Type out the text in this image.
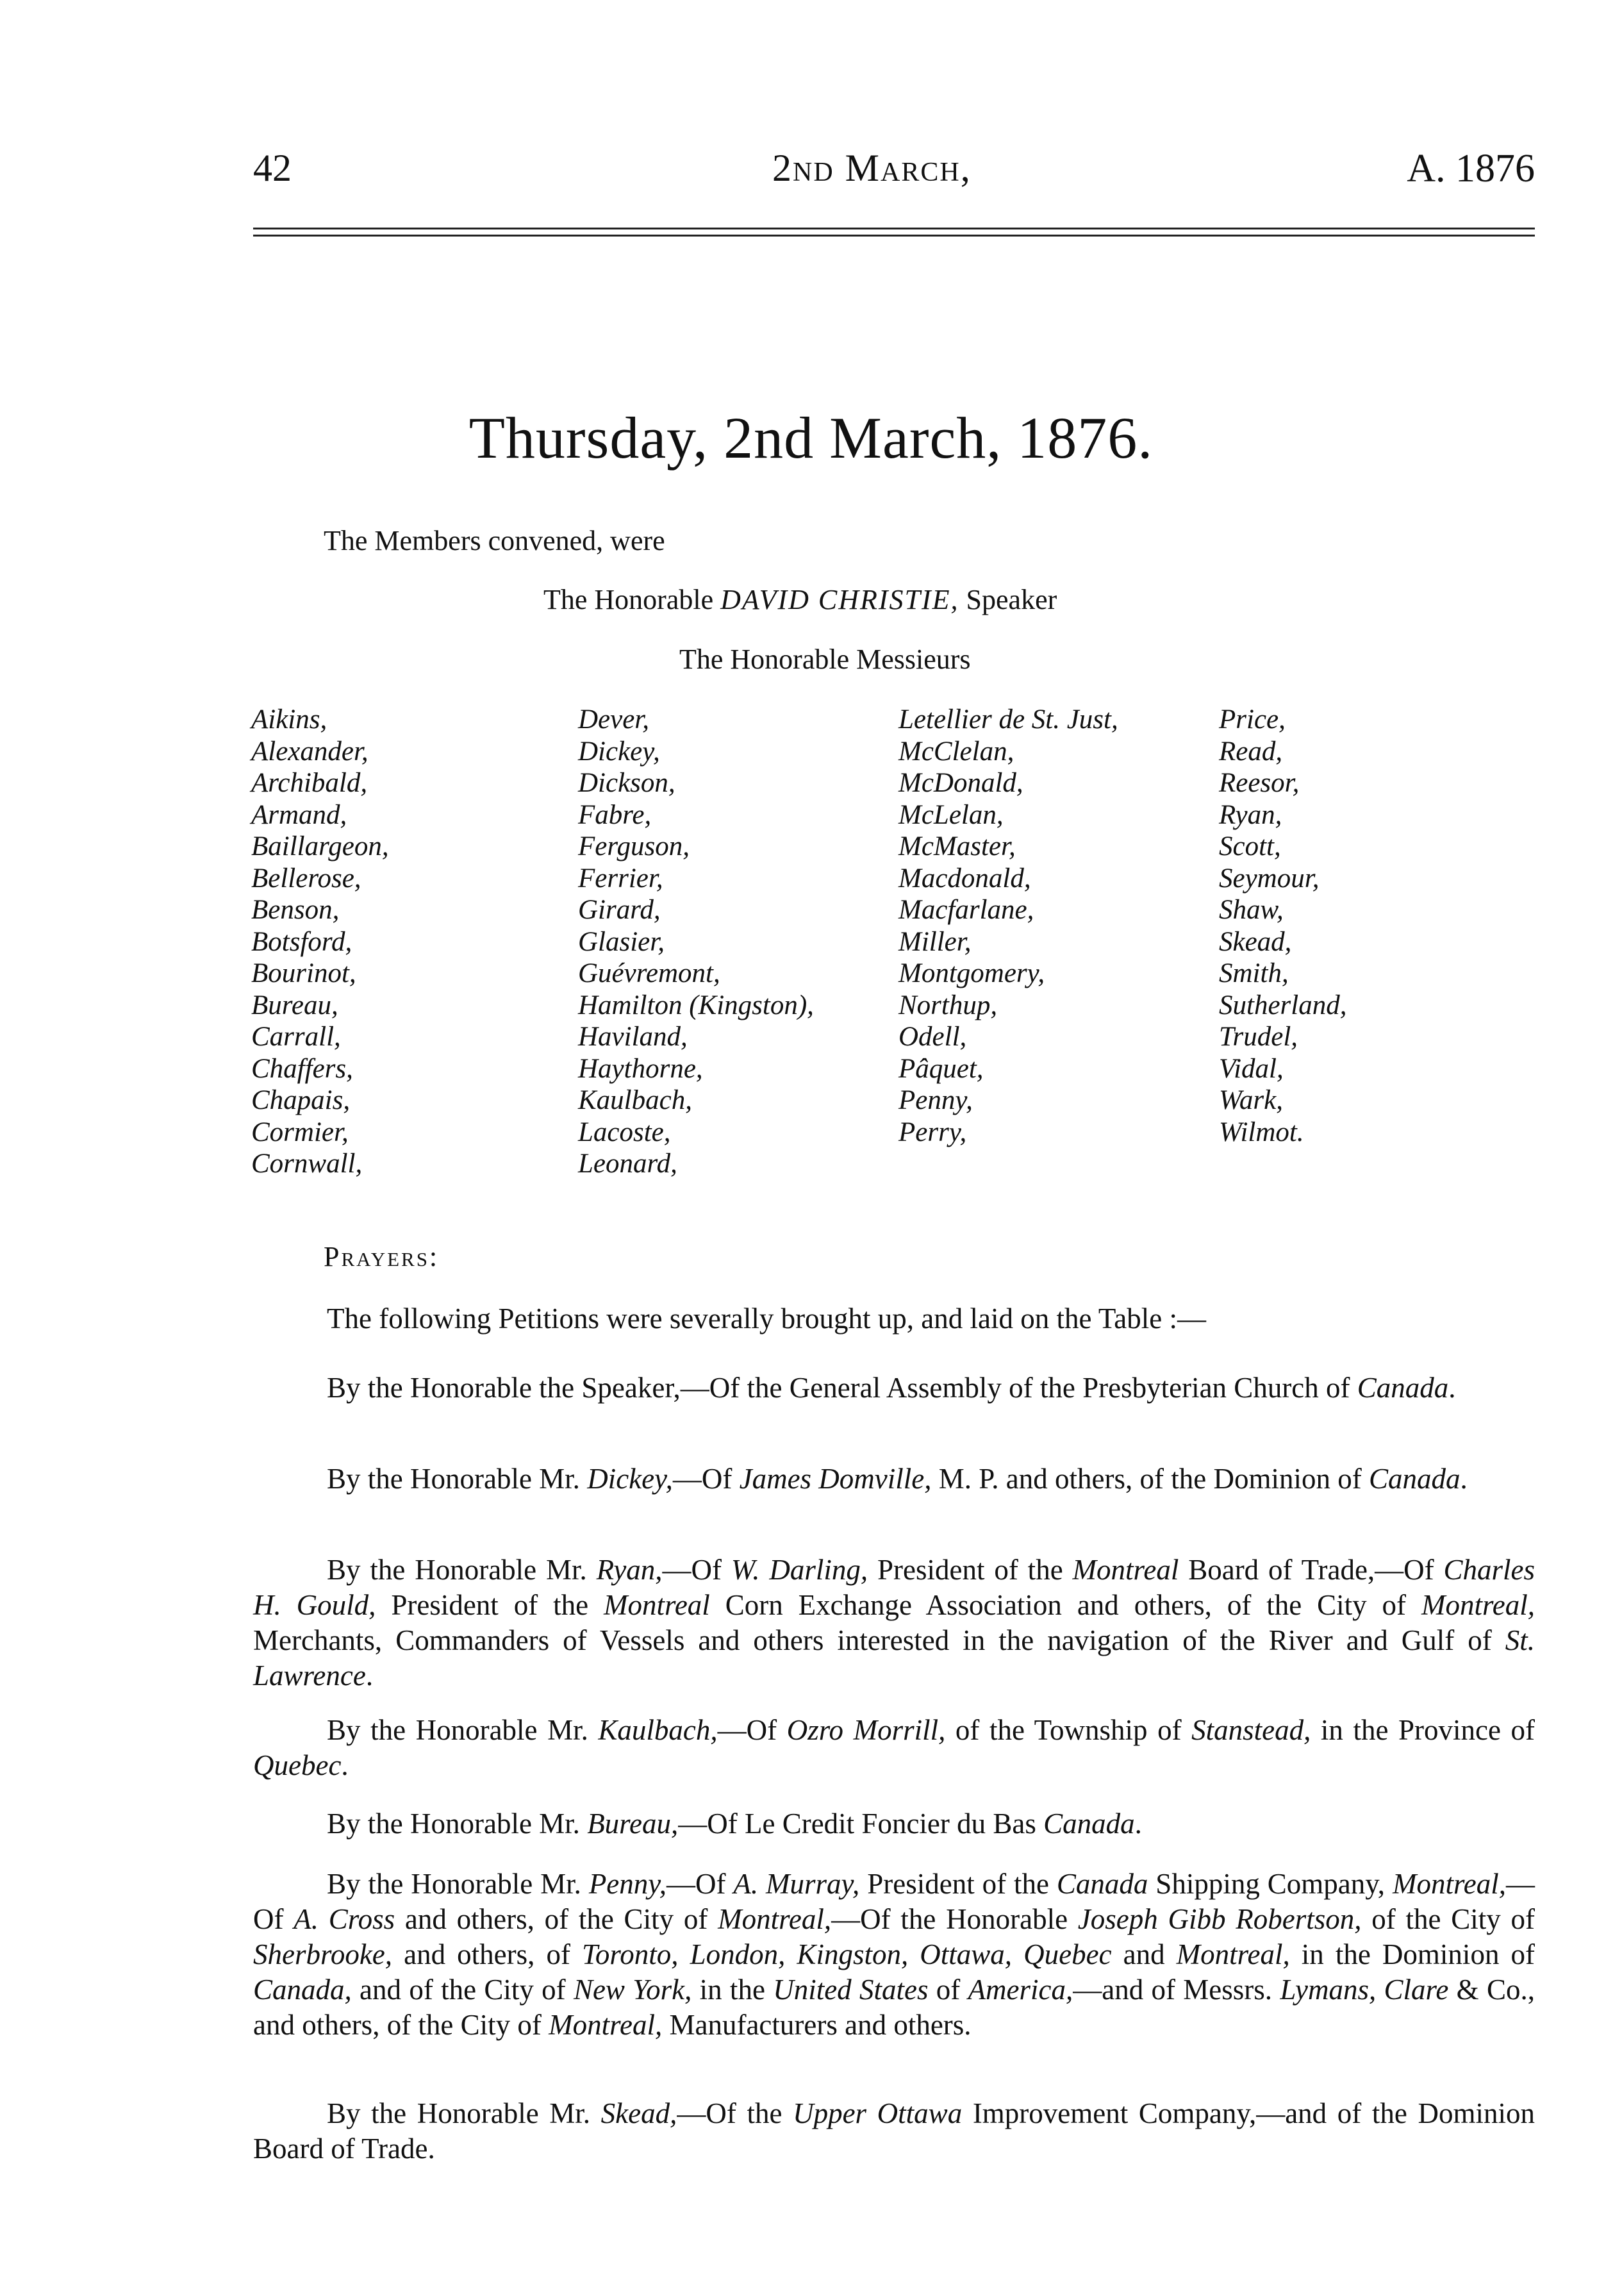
42	2nd March,	A. 1876
Thursday, 2nd March, 1876.
The Members convened, were
The Honorable DAVID CHRISTIE, Speaker
The Honorable Messieurs
Aikins,
Alexander,
Archibald,
Armand,
Baillargeon,
Bellerose,
Benson,
Botsford,
Bourinot,
Bureau,
Carrall,
Chaffers,
Chapais,
Cormier,
Cornwall,
Dever,
Dickey,
Dickson,
Fabre,
Ferguson,
Ferrier,
Girard,
Glasier,
Guévremont,
Hamilton (Kingston),
Haviland,
Haythorne,
Kaulbach,
Lacoste,
Leonard,
Letellier de St. Just,
McClelan,
McDonald,
McLelan,
McMaster,
Macdonald,
Macfarlane,
Miller,
Montgomery,
Northup,
Odell,
Pâquet,
Penny,
Perry,
Price,
Read,
Reesor,
Ryan,
Scott,
Seymour,
Shaw,
Skead,
Smith,
Sutherland,
Trudel,
Vidal,
Wark,
Wilmot.
Prayers:
The following Petitions were severally brought up, and laid on the Table :—
By the Honorable the Speaker,—Of the General Assembly of the Presbyterian Church of Canada.
By the Honorable Mr. Dickey,—Of James Domville, M. P. and others, of the Dominion of Canada.
By the Honorable Mr. Ryan,—Of W. Darling, President of the Montreal Board of Trade,—Of Charles H. Gould, President of the Montreal Corn Exchange Association and others, of the City of Montreal, Merchants, Commanders of Vessels and others interested in the navigation of the River and Gulf of St. Lawrence.
By the Honorable Mr. Kaulbach,—Of Ozro Morrill, of the Township of Stanstead, in the Province of Quebec.
By the Honorable Mr. Bureau,—Of Le Credit Foncier du Bas Canada.
By the Honorable Mr. Penny,—Of A. Murray, President of the Canada Shipping Company, Montreal,—Of A. Cross and others, of the City of Montreal,—Of the Honorable Joseph Gibb Robertson, of the City of Sherbrooke, and others, of Toronto, London, Kingston, Ottawa, Quebec and Montreal, in the Dominion of Canada, and of the City of New York, in the United States of America,—and of Messrs. Lymans, Clare & Co., and others, of the City of Montreal, Manufacturers and others.
By the Honorable Mr. Skead,—Of the Upper Ottawa Improvement Company,—and of the Dominion Board of Trade.
